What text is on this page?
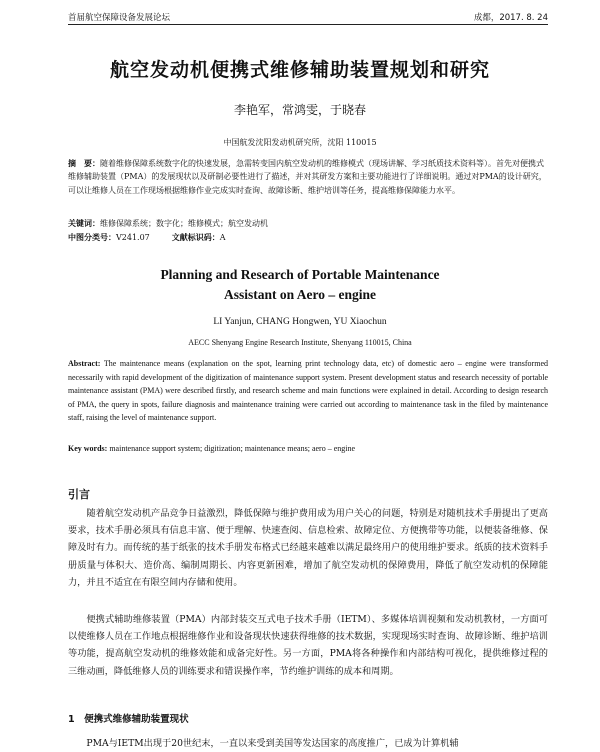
首届航空保障设备发展论坛	成都，2017. 8. 24
航空发动机便携式维修辅助装置规划和研究
李艳军，常鸿雯，于晓春
中国航发沈阳发动机研究所，沈阳 110015
摘　要：随着维修保障系统数字化的快速发展，急需转变国内航空发动机的维修模式（现场讲解、学习纸质技术资料等）。首先对便携式维修辅助装置（PMA）的发展现状以及研制必要性进行了描述，并对其研发方案和主要功能进行了详细说明。通过对PMA的设计研究，可以让维修人员在工作现场根据维修作业完成实时查询、故障诊断、维护培训等任务，提高维修保障能力水平。
关键词：维修保障系统；数字化；维修模式；航空发动机
中图分类号：V241.07	文献标识码：A
Planning and Research of Portable Maintenance
Assistant on Aero – engine
LI Yanjun, CHANG Hongwen, YU Xiaochun
AECC Shenyang Engine Research Institute, Shenyang 110015, China
Abstract: The maintenance means (explanation on the spot, learning print technology data, etc) of domestic aero – engine were transformed necessarily with rapid development of the digitization of maintenance support system. Present development status and research necessity of portable maintenance assistant (PMA) were described firstly, and research scheme and main functions were explained in detail. According to design research of PMA, the query in spots, failure diagnosis and maintenance training were carried out according to maintenance task in the filed by maintenance staff, raising the level of maintenance support.
Key words: maintenance support system; digitization; maintenance means; aero – engine
引言
随着航空发动机产品竞争日益激烈，降低保障与维护费用成为用户关心的问题，特别是对随机技术手册提出了更高要求，技术手册必须具有信息丰富、便于理解、快速查阅、信息检索、故障定位、方便携带等功能，以便装备维修、保障及时有力。而传统的基于纸张的技术手册发布格式已经越来越难以满足最终用户的使用维护要求。纸质的技术资料手册质量与体积大、造价高、编制周期长、内容更新困难，增加了航空发动机的保障费用，降低了航空发动机的保障能力，并且不适宜在有限空间内存储和使用。
便携式辅助维修装置（PMA）内部封装交互式电子技术手册（IETM）、多媒体培训视频和发动机教材，一方面可以使维修人员在工作地点根据维修作业和设备现状快速获得维修的技术数据，实现现场实时查询、故障诊断、维护培训等功能，提高航空发动机的维修效能和成备完好性。另一方面，PMA将各种操作和内部结构可视化，提供维修过程的三维动画，降低维修人员的训练要求和错误操作率，节约维护训练的成本和周期。
1　便携式维修辅助装置现状
PMA与IETM出现于20世纪末，一直以来受到美国等发达国家的高度推广，已成为计算机辅
